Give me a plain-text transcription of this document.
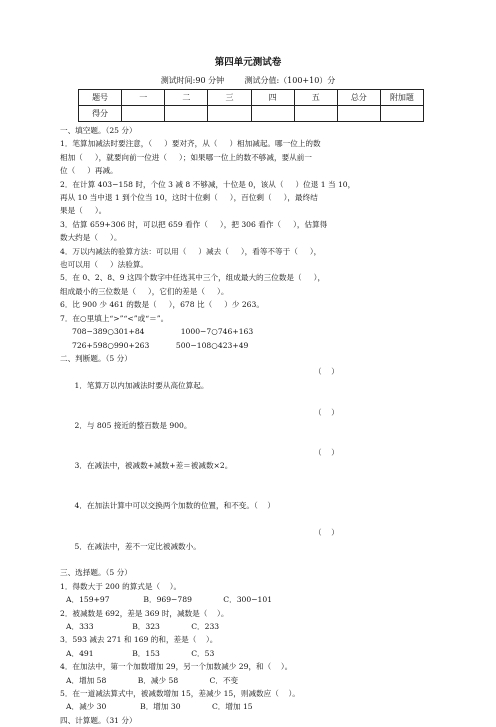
第四单元测试卷
测试时间:90 分钟        测试分值:（100+10）分
题号	一	二	三	四	五	总分	附加题
得分							
一、填空题。（25 分）
1．笔算加减法时要注意，（     ）要对齐，从（     ）相加减起。哪一位上的数
相加（     ），就要向前一位进（     ）；如果哪一位上的数不够减，要从前一
位（     ）再减。
2．在计算 403−158 时，个位 3 减 8 不够减，十位是 0，该从（     ）位退 1 当 10，
再从 10 当中退 1 到个位当 10，这时十位剩（     ），百位剩（     ），最终结
果是（     ）。
3．估算 659+306 时，可以把 659 看作（     ），把 306 看作（     ），估算得
数大约是（     ）。
4．万以内减法的验算方法：可以用（     ）减去（     ），看等不等于（     ），
也可以用（     ）法验算。
5．在 0、2、8、9 这四个数字中任选其中三个，组成最大的三位数是（     ），
组成最小的三位数是（     ），它们的差是（     ）。
6．比 900 少 461 的数是（     ），678 比（     ）少 263。
7．在○里填上“>”“<”或“＝”。
708−389○301+84               1000−7○746+163
726+598○990+263           500−108○423+49
二、判断题。（5 分）

1．笔算万以内加减法时要从高位算起。
（    ）

2．与 805 接近的整百数是 900。
（    ）

3．在减法中，被减数+减数+差＝被减数×2。
（    ）

4．在加法计算中可以交换两个加数的位置，和不变。（    ）

5．在减法中，差不一定比被减数小。
（    ）

三、选择题。（5 分）
1．得数大于 200 的算式是（    ）。
A．159+97              B．969−789             C．300−101
2．被减数是 692，差是 369 时，减数是（    ）。
A．333                B．323             C．233
3．593 减去 271 和 169 的和，差是（    ）。
A．491                B．153             C．53
4．在加法中，第一个加数增加 29，另一个加数减少 29，和（    ）。
A．增加 58             B．减少 58             C．不变
5．在一道减法算式中，被减数增加 15，差减少 15，则减数应（    ）。
A．减少 30              B．增加 30             C．增加 15
四、计算题。（31 分）
